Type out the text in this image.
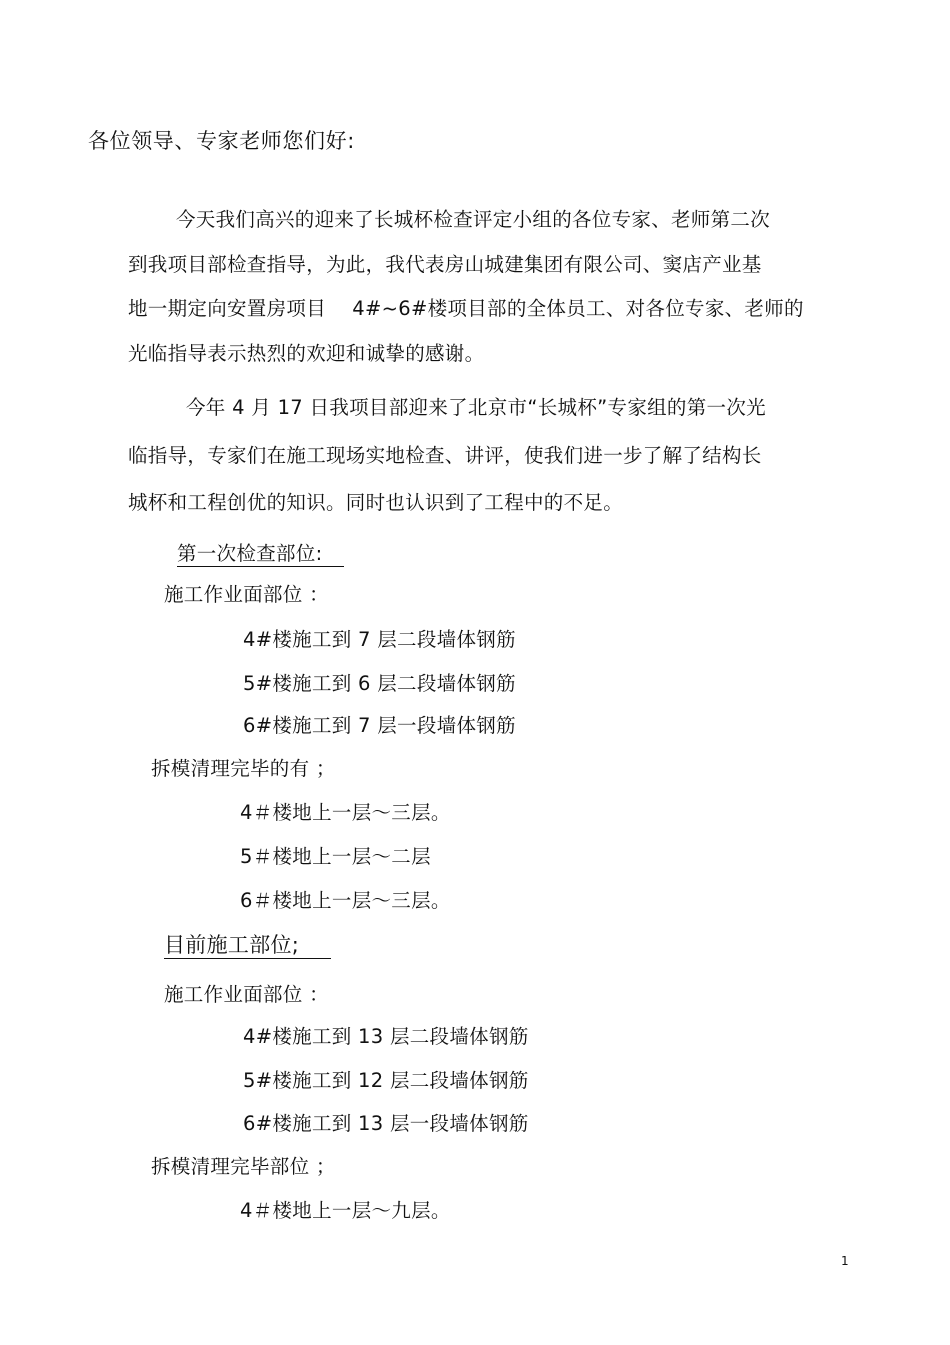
各位领导、专家老师您们好:
今天我们高兴的迎来了长城杯检查评定小组的各位专家、老师第二次
到我项目部检查指导，为此，我代表房山城建集团有限公司、窦店产业基
地一期定向安置房项目　 4#~6#楼项目部的全体员工、对各位专家、老师的
光临指导表示热烈的欢迎和诚挚的感谢。
今年 4 月 17 日我项目部迎来了北京市“长城杯”专家组的第一次光
临指导，专家们在施工现场实地检查、讲评，使我们进一步了解了结构长
城杯和工程创优的知识。同时也认识到了工程中的不足。
第一次检查部位:
施工作业面部位 ：
4#楼施工到 7 层二段墙体钢筋
5#楼施工到 6 层二段墙体钢筋
6#楼施工到 7 层一段墙体钢筋
拆模清理完毕的有 ；
4＃楼地上一层～三层。
5＃楼地上一层～二层
6＃楼地上一层～三层。
目前施工部位;
施工作业面部位 ：
4#楼施工到 13 层二段墙体钢筋
5#楼施工到 12 层二段墙体钢筋
6#楼施工到 13 层一段墙体钢筋
拆模清理完毕部位 ；
4＃楼地上一层～九层。
1
